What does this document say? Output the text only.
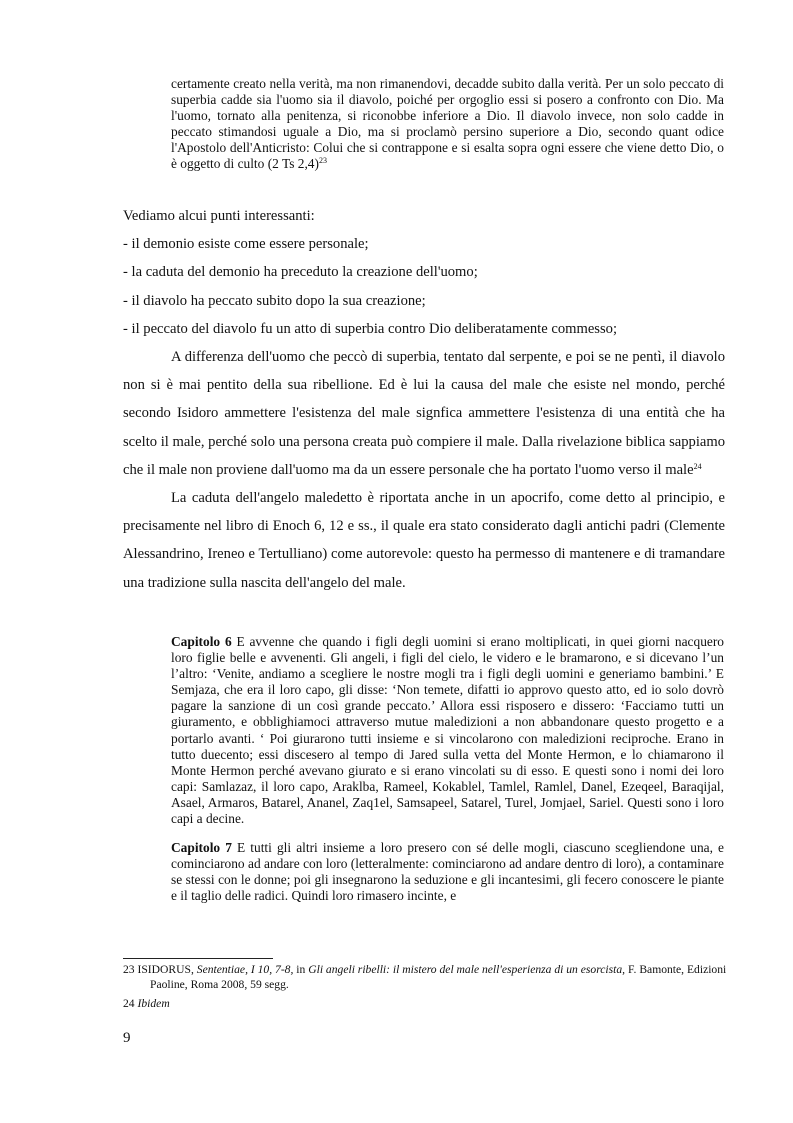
certamente creato nella verità, ma non rimanendovi, decadde subito dalla verità. Per un solo peccato di superbia cadde sia l'uomo sia il diavolo, poiché per orgoglio essi si posero a confronto con Dio. Ma l'uomo, tornato alla penitenza, si riconobbe inferiore a Dio. Il diavolo invece, non solo cadde in peccato stimandosi uguale a Dio, ma si proclamò persino superiore a Dio, secondo quant odice l'Apostolo dell'Anticristo: Colui che si contrappone e si esalta sopra ogni essere che viene detto Dio, o è oggetto di culto (2 Ts 2,4)$^{23}$

Vediamo alcui punti interessanti:

- il demonio esiste come essere personale;

- la caduta del demonio ha preceduto la creazione dell'uomo;

- il diavolo ha peccato subito dopo la sua creazione;

- il peccato del diavolo fu un atto di superbia contro Dio deliberatamente commesso;

A differenza dell'uomo che peccò di superbia, tentato dal serpente, e poi se ne pentì, il diavolo non si è mai pentito della sua ribellione. Ed è lui la causa del male che esiste nel mondo, perché secondo Isidoro ammettere l'esistenza del male signfica ammettere l'esistenza di una entità che ha scelto il male, perché solo una persona creata può compiere il male. Dalla rivelazione biblica sappiamo che il male non proviene dall'uomo ma da un essere personale che ha portato l'uomo verso il male$^{24}$

La caduta dell'angelo maledetto è riportata anche in un apocrifo, come detto al principio, e precisamente nel libro di Enoch 6, 12 e ss., il quale era stato considerato dagli antichi padri (Clemente Alessandrino, Ireneo e Tertulliano) come autorevole: questo ha permesso di mantenere e di tramandare una tradizione sulla nascita dell'angelo del male.

Capitolo 6 E avvenne che quando i figli degli uomini si erano moltiplicati, in quei giorni nacquero loro figlie belle e avvenenti. Gli angeli, i figli del cielo, le videro e le bramarono, e si dicevano l’un l’altro: ‘Venite, andiamo a scegliere le nostre mogli tra i figli degli uomini e generiamo bambini.’ E Semjaza, che era il loro capo, gli disse: ‘Non temete, difatti io approvo questo atto, ed io solo dovrò pagare la sanzione di un così grande peccato.’ Allora essi risposero e dissero: ‘Facciamo tutti un giuramento, e obblighiamoci attraverso mutue maledizioni a non abbandonare questo progetto e a portarlo avanti. ‘ Poi giurarono tutti insieme e si vincolarono con maledizioni reciproche. Erano in tutto duecento; essi discesero al tempo di Jared sulla vetta del Monte Hermon, e lo chiamarono il Monte Hermon perché avevano giurato e si erano vincolati su di esso. E questi sono i nomi dei loro capi: Samlazaz, il loro capo, Araklba, Rameel, Kokablel, Tamlel, Ramlel, Danel, Ezeqeel, Baraqijal, Asael, Armaros, Batarel, Ananel, Zaq1el, Samsapeel, Satarel, Turel, Jomjael, Sariel. Questi sono i loro capi a decine.

Capitolo 7 E tutti gli altri insieme a loro presero con sé delle mogli, ciascuno scegliendone una, e cominciarono ad andare con loro (letteralmente: cominciarono ad andare dentro di loro), a contaminare se stessi con le donne; poi gli insegnarono la seduzione e gli incantesimi, gli fecero conoscere le piante e il taglio delle radici. Quindi loro rimasero incinte, e

23 ISIDORUS, Sententiae, I 10, 7-8, in Gli angeli ribelli: il mistero del male nell'esperienza di un esorcista, F. Bamonte, Edizioni Paoline, Roma 2008, 59 segg.

24 Ibidem

9
